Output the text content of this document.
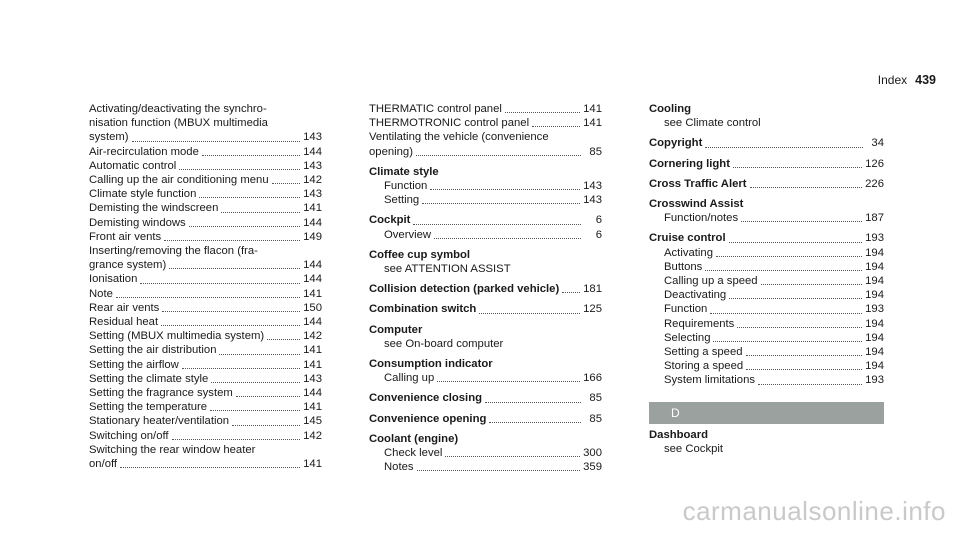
Index 439
Activating/deactivating the synchro-
nisation function (MBUX multimedia
system)	143
Air-recirculation mode	144
Automatic control	143
Calling up the air conditioning menu	142
Climate style function	143
Demisting the windscreen	141
Demisting windows	144
Front air vents	149
Inserting/removing the flacon (fra-
grance system)	144
Ionisation	144
Note	141
Rear air vents	150
Residual heat	144
Setting (MBUX multimedia system)	142
Setting the air distribution	141
Setting the airflow	141
Setting the climate style	143
Setting the fragrance system	144
Setting the temperature	141
Stationary heater/ventilation	145
Switching on/off	142
Switching the rear window heater
on/off	141
THERMATIC control panel	141
THERMOTRONIC control panel	141
Ventilating the vehicle (convenience
opening)	85
Climate style
Function	143
Setting	143
Cockpit	6
Overview	6
Coffee cup symbol
see ATTENTION ASSIST
Collision detection (parked vehicle) 181
Combination switch	125
Computer
see On-board computer
Consumption indicator
Calling up	166
Convenience closing	85
Convenience opening	85
Coolant (engine)
Check level	300
Notes	359
Cooling
see Climate control
Copyright	34
Cornering light	126
Cross Traffic Alert	226
Crosswind Assist
Function/notes	187
Cruise control	193
Activating	194
Buttons	194
Calling up a speed	194
Deactivating	194
Function	193
Requirements	194
Selecting	194
Setting a speed	194
Storing a speed	194
System limitations	193
D
Dashboard
see Cockpit
carmanualsonline.info
